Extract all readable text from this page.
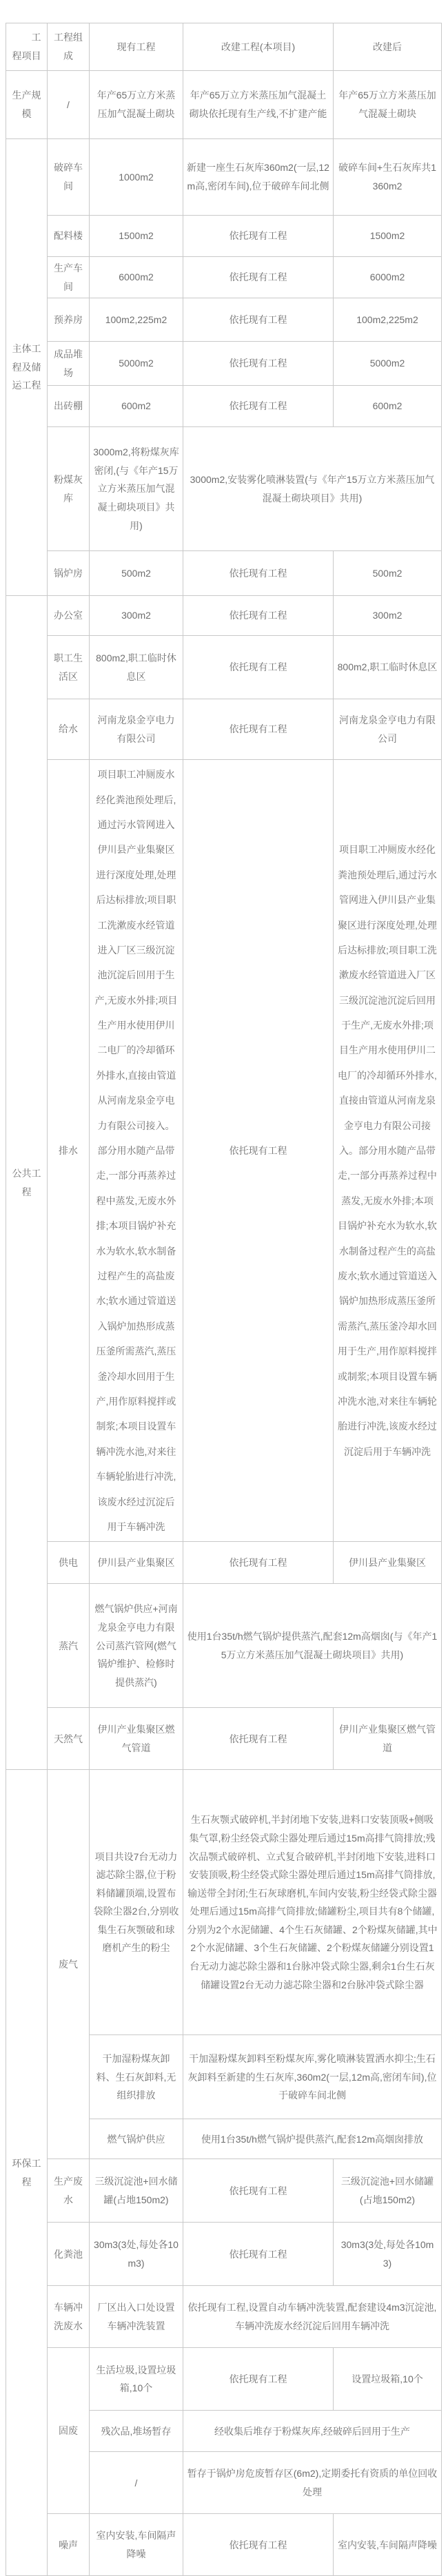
工程项目	工程组成	现有工程	改建工程(本项目)	改建后
生产规模	/	年产65万立方米蒸压加气混凝土砌块	年产65万立方米蒸压加气混凝土砌块依托现有生产线,不扩建产能	年产65万立方米蒸压加气混凝土砌块
主体工程及储运工程	破碎车间	1000m2	新建一座生石灰库360m2(一层,12m高,密闭车间),位于破碎车间北侧	破碎车间+生石灰库共1360m2
	配料楼	1500m2	依托现有工程	1500m2
	生产车间	6000m2	依托现有工程	6000m2
	预养房	100m2,225m2	依托现有工程	100m2,225m2
	成品堆场	5000m2	依托现有工程	5000m2
	出砖棚	600m2	依托现有工程	600m2
	粉煤灰库	3000m2,将粉煤灰库密闭,(与《年产15万立方米蒸压加气混凝土砌块项目》共用)	3000m2,安装雾化喷淋装置(与《年产15万立方米蒸压加气混凝土砌块项目》共用)	
	锅炉房	500m2	依托现有工程	500m2
公共工程	办公室	300m2	依托现有工程	300m2
	职工生活区	800m2,职工临时休息区	依托现有工程	800m2,职工临时休息区
	给水	河南龙泉金亨电力有限公司	依托现有工程	河南龙泉金亨电力有限公司
排水	项目职工冲厕废水经化粪池预处理后,通过污水管网进入伊川县产业集聚区进行深度处理,处理后达标排放;项目职工洗漱废水经管道进入厂区三级沉淀池沉淀后回用于生产,无废水外排;项目生产用水使用伊川二电厂的冷却循环外排水,直接由管道从河南龙泉金亨电力有限公司接入。部分用水随产品带走,一部分再蒸养过程中蒸发,无废水外排;本项目锅炉补充水为软水,软水制备过程产生的高盐废水;软水通过管道送入锅炉加热形成蒸压釜所需蒸汽,蒸压釜冷却水回用于生产,用作原料搅拌或制浆;本项目设置车辆冲洗水池,对来往车辆轮胎进行冲洗,该废水经过沉淀后用于车辆冲洗	依托现有工程	项目职工冲厕废水经化粪池预处理后,通过污水管网进入伊川县产业集聚区进行深度处理,处理后达标排放;项目职工洗漱废水经管道进入厂区三级沉淀池沉淀后回用于生产,无废水外排;项目生产用水使用伊川二电厂的冷却循环外排水,直接由管道从河南龙泉金亨电力有限公司接入。部分用水随产品带走,一部分再蒸养过程中蒸发,无废水外排;本项目锅炉补充水为软水,软水制备过程产生的高盐废水;软水通过管道送入锅炉加热形成蒸压釜所需蒸汽,蒸压釜冷却水回用于生产,用作原料搅拌或制浆;本项目设置车辆冲洗水池,对来往车辆轮胎进行冲洗,该废水经过沉淀后用于车辆冲洗
	供电	伊川县产业集聚区	依托现有工程	伊川县产业集聚区
	蒸汽	燃气锅炉供应+河南龙泉金亨电力有限公司蒸汽管网(燃气锅炉维护、检修时提供蒸汽)	使用1台35t/h燃气锅炉提供蒸汽,配套12m高烟囱(与《年产15万立方米蒸压加气混凝土砌块项目》共用)	
	天然气	伊川产业集聚区燃气管道	依托现有工程	伊川产业集聚区燃气管道
环保工程	废气	项目共设7台无动力滤芯除尘器,位于粉料储罐顶端,设置布袋除尘器2台,分别收集生石灰颚破和球磨机产生的粉尘	生石灰颚式破碎机,半封闭地下安装,进料口安装顶吸+侧吸集气罩,粉尘经袋式除尘器处理后通过15m高排气筒排放;残次品颚式破碎机、立式复合破碎机,半封闭地下安装,进料口安装顶吸,粉尘经袋式除尘器处理后通过15m高排气筒排放,输送带全封闭;生石灰球磨机,车间内安装,粉尘经袋式除尘器处理后通过15m高排气筒排放;储罐粉尘,项目共有8个储罐,分别为2个水泥储罐、4个生石灰储罐、2个粉煤灰储罐,其中2个水泥储罐、3个生石灰储罐、2个粉煤灰储罐分别设置1台无动力滤芯除尘器和1台脉冲袋式除尘器,剩余1台生石灰储罐设置2台无动力滤芯除尘器和2台脉冲袋式除尘器	
		干加湿粉煤灰卸料、生石灰卸料,无组织排放	干加湿粉煤灰卸料至粉煤灰库,雾化喷淋装置洒水抑尘;生石灰卸料至新建的生石灰库,360m2(一层,12m高,密闭车间),位于破碎车间北侧	
		燃气锅炉供应	使用1台35t/h燃气锅炉提供蒸汽,配套12m高烟囱排放	
	生产废水	三级沉淀池+回水储罐(占地150m2)	依托现有工程	三级沉淀池+回水储罐(占地150m2)
	化粪池	30m3(3处,每处各10m3)	依托现有工程	30m3(3处,每处各10m3)
	车辆冲洗废水	厂区出入口处设置车辆冲洗装置	依托现有工程,设置自动车辆冲洗装置,配套建设4m3沉淀池,车辆冲洗废水经沉淀后回用车辆冲洗	
	固废	生活垃圾,设置垃圾箱,10个	依托现有工程	设置垃圾箱,10个
		残次品,堆场暂存	经收集后堆存于粉煤灰库,经破碎后回用于生产	
		/	暂存于锅炉房危废暂存区(6m2),定期委托有资质的单位回收处理	
	噪声	室内安装,车间隔声降噪	依托现有工程	室内安装,车间隔声降噪
